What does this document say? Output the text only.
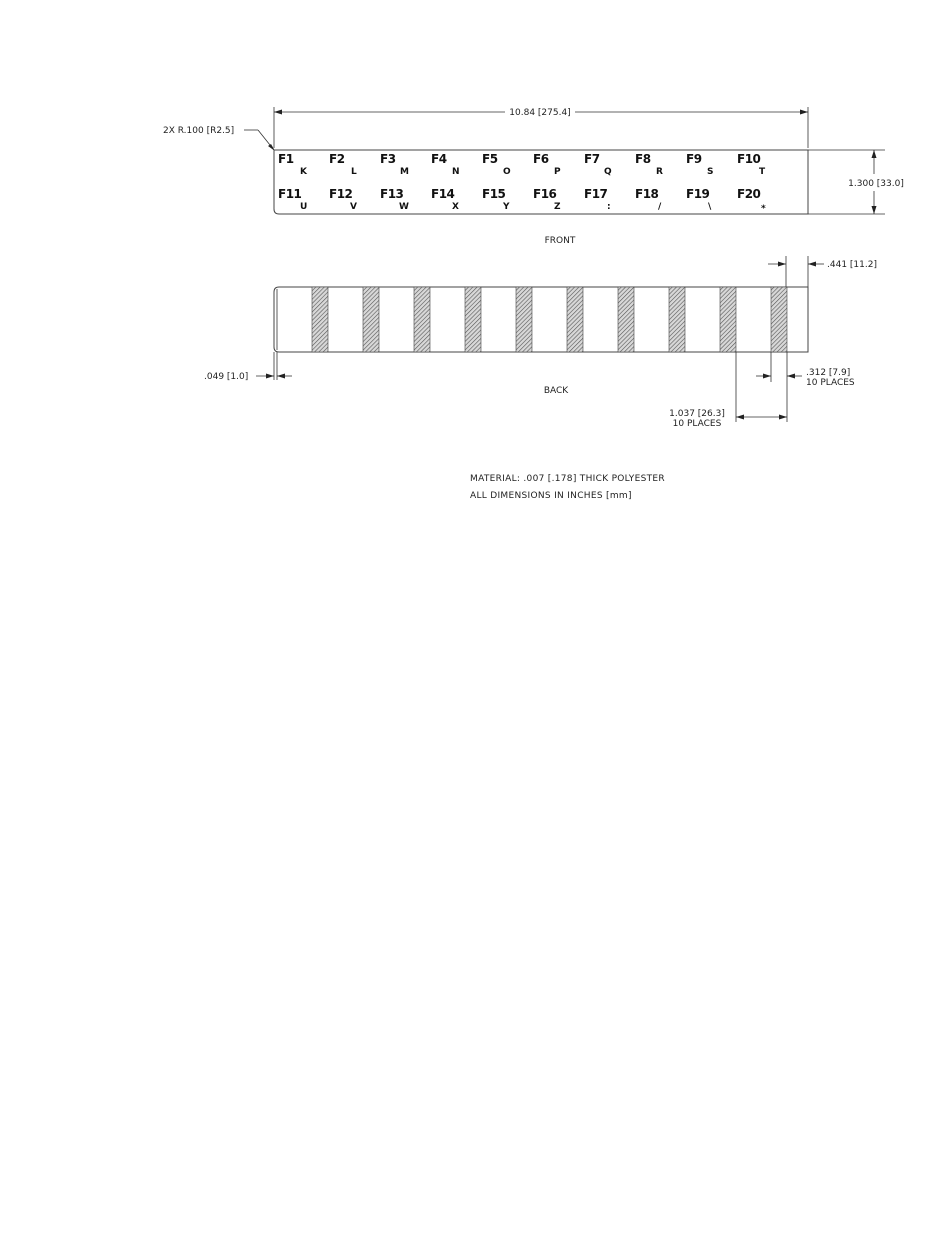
10.84 [275.4]
2X R.100 [R2.5]
F1
K
F2
L
F3
M
F4
N
F5
O
F6
P
F7
Q
F8
R
F9
S
F10
T
F11
U
F12
V
F13
W
F14
X
F15
Y
F16
Z
F17
:
F18
/
F19
\
F20
*
1.300 [33.0]
FRONT
.441 [11.2]
.049 [1.0]	.312 [7.9]
10 PLACES
1.037 [26.3]
10 PLACES
BACK
MATERIAL: .007 [.178] THICK POLYESTER
ALL DIMENSIONS IN INCHES [mm]
